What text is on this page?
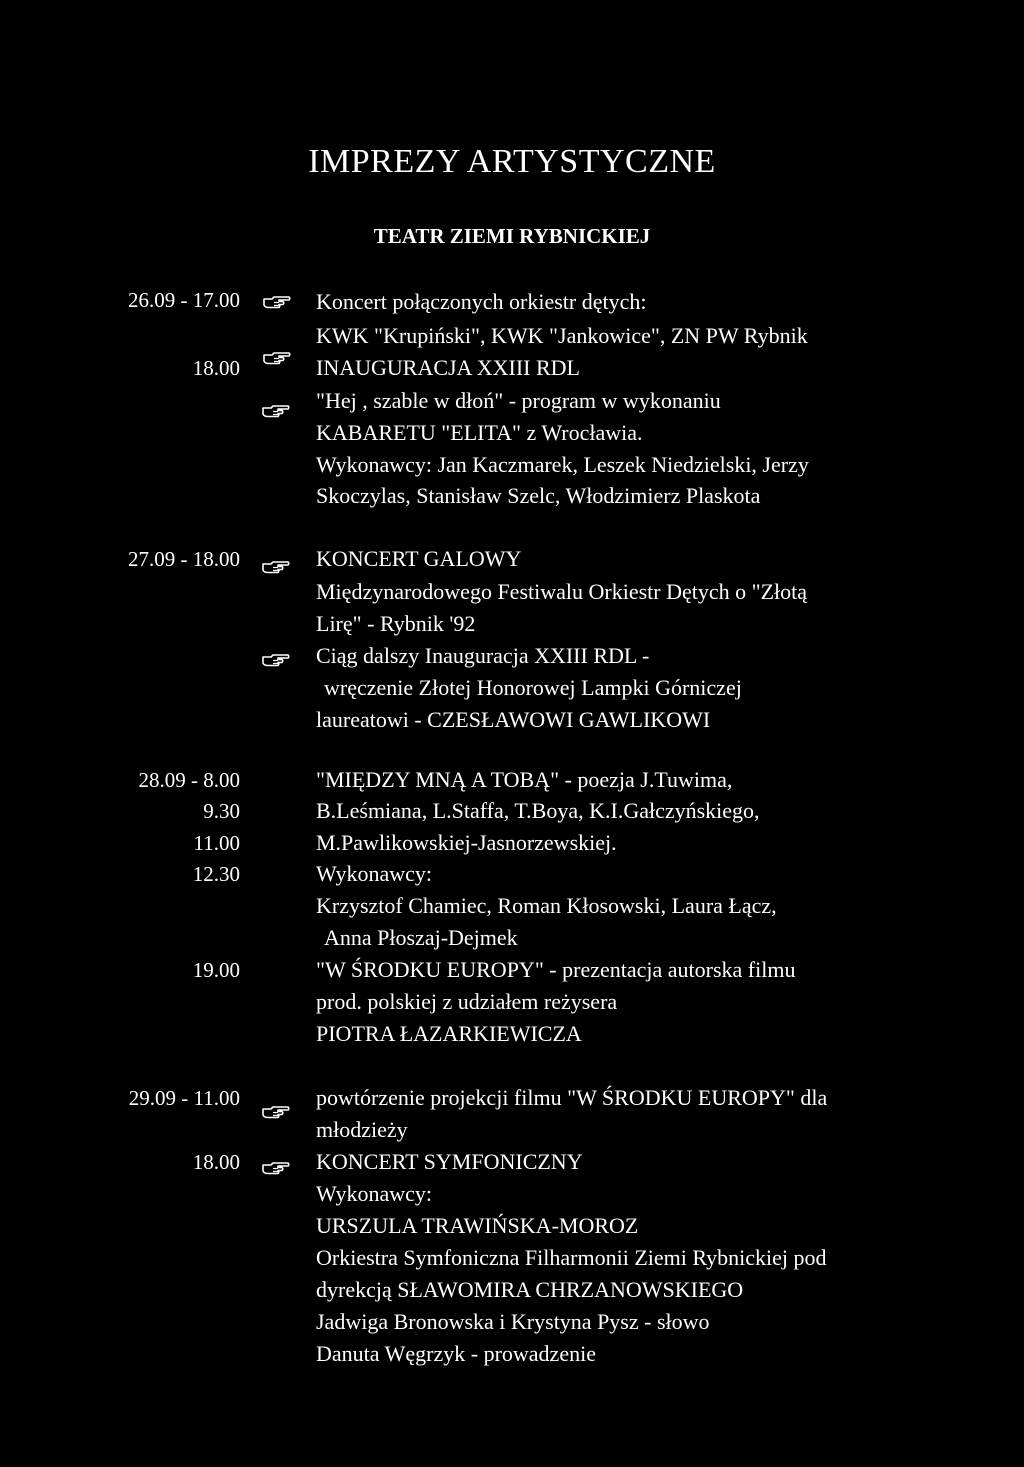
IMPREZY ARTYSTYCZNE
TEATR ZIEMI RYBNICKIEJ
26.09 - 17.00
18.00
Koncert połączonych orkiestr dętych:
KWK "Krupiński", KWK "Jankowice", ZN PW Rybnik
INAUGURACJA XXIII RDL
"Hej , szable w dłoń" - program w wykonaniu
KABARETU "ELITA" z Wrocławia.
Wykonawcy: Jan Kaczmarek, Leszek Niedzielski, Jerzy
Skoczylas, Stanisław Szelc, Włodzimierz Plaskota
27.09 - 18.00	KONCERT GALOWY
Międzynarodowego Festiwalu Orkiestr Dętych o "Złotą
Lirę" - Rybnik '92
Ciąg dalszy Inauguracja XXIII RDL -
wręczenie Złotej Honorowej Lampki Górniczej
laureatowi - CZESŁAWOWI GAWLIKOWI
28.09 - 8.00
9.30
11.00
12.30
19.00
"MIĘDZY MNĄ A TOBĄ" - poezja J.Tuwima,
B.Leśmiana, L.Staffa, T.Boya, K.I.Gałczyńskiego,
M.Pawlikowskiej-Jasnorzewskiej.
Wykonawcy:
Krzysztof Chamiec, Roman Kłosowski, Laura Łącz,
Anna Płoszaj-Dejmek
"W ŚRODKU EUROPY" - prezentacja autorska filmu
prod. polskiej z udziałem reżysera
PIOTRA ŁAZARKIEWICZA
29.09 - 11.00
18.00
powtórzenie projekcji filmu "W ŚRODKU EUROPY" dla
młodzieży
KONCERT SYMFONICZNY
Wykonawcy:
URSZULA TRAWIŃSKA-MOROZ
Orkiestra Symfoniczna Filharmonii Ziemi Rybnickiej pod
dyrekcją SŁAWOMIRA CHRZANOWSKIEGO
Jadwiga Bronowska i Krystyna Pysz - słowo
Danuta Węgrzyk - prowadzenie
